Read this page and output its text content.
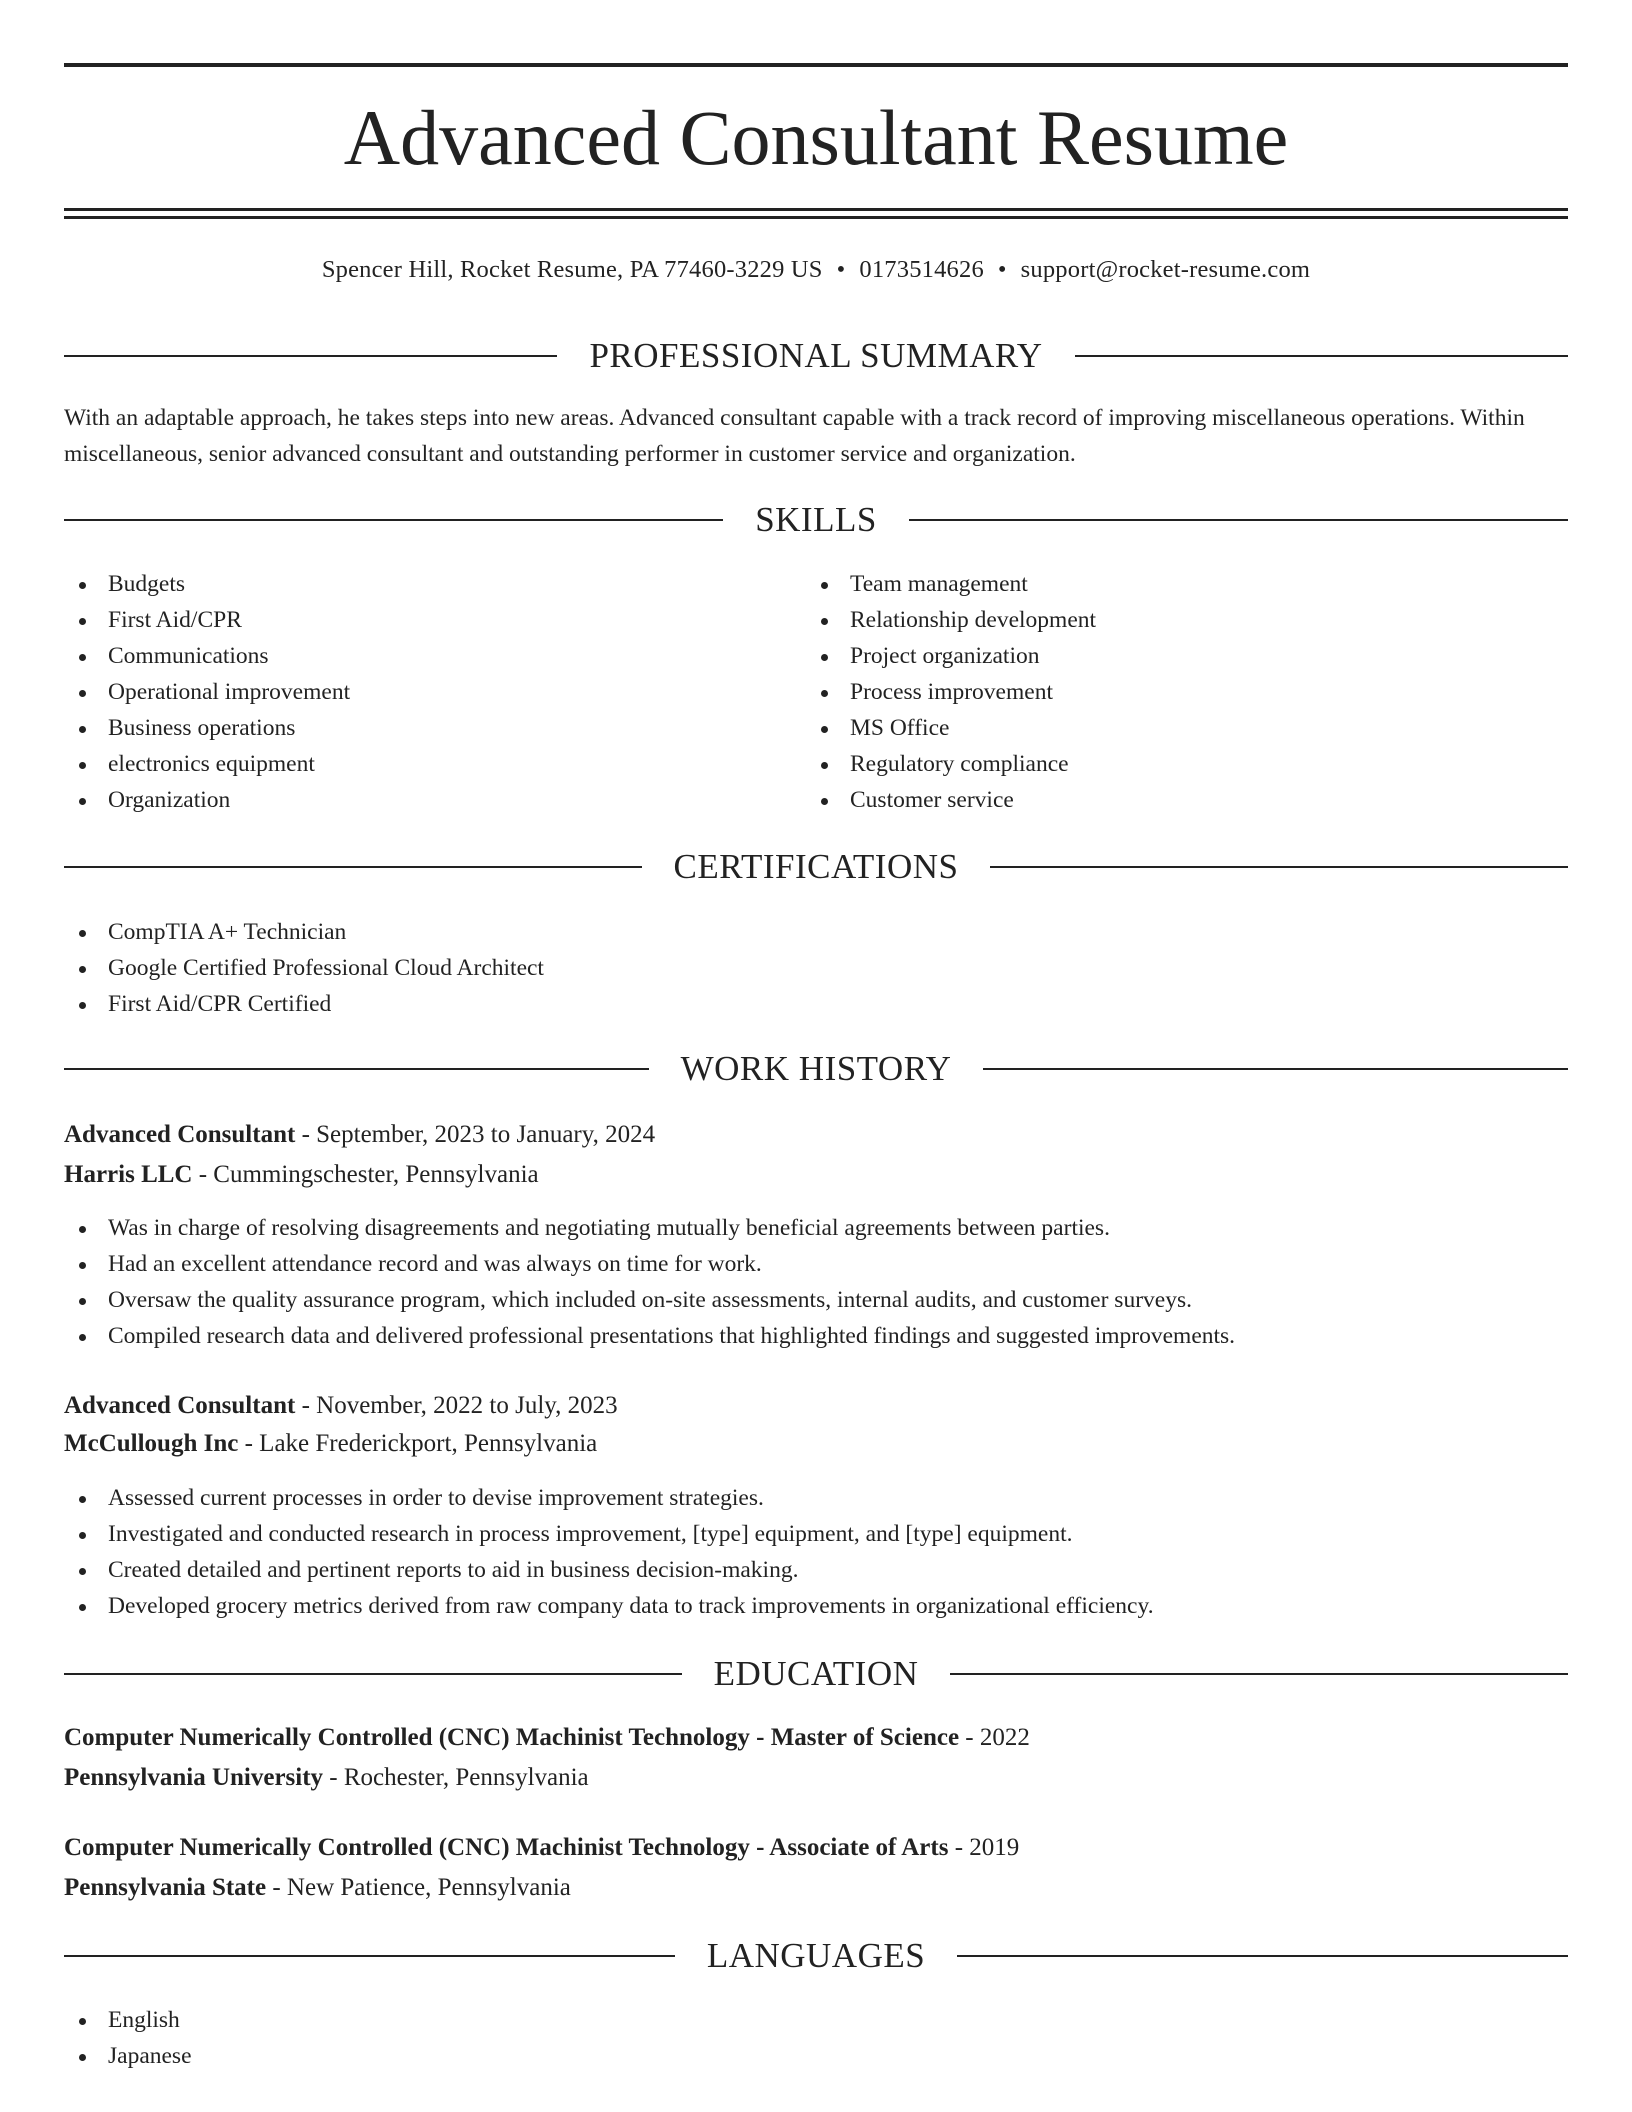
Advanced Consultant Resume
Spencer Hill, Rocket Resume, PA 77460-3229 US • 0173514626 • support@rocket-resume.com
PROFESSIONAL SUMMARY

With an adaptable approach, he takes steps into new areas. Advanced consultant capable with a track record of improving miscellaneous operations. Within miscellaneous, senior advanced consultant and outstanding performer in customer service and organization.

SKILLS
Budgets
First Aid/CPR
Communications
Operational improvement
Business operations
electronics equipment
Organization
Team management
Relationship development
Project organization
Process improvement
MS Office
Regulatory compliance
Customer service
CERTIFICATIONS
CompTIA A+ Technician
Google Certified Professional Cloud Architect
First Aid/CPR Certified
WORK HISTORY
Advanced Consultant - September, 2023 to January, 2024
Harris LLC - Cummingschester, Pennsylvania
Was in charge of resolving disagreements and negotiating mutually beneficial agreements between parties.
Had an excellent attendance record and was always on time for work.
Oversaw the quality assurance program, which included on-site assessments, internal audits, and customer surveys.
Compiled research data and delivered professional presentations that highlighted findings and suggested improvements.
Advanced Consultant - November, 2022 to July, 2023
McCullough Inc - Lake Frederickport, Pennsylvania
Assessed current processes in order to devise improvement strategies.
Investigated and conducted research in process improvement, [type] equipment, and [type] equipment.
Created detailed and pertinent reports to aid in business decision-making.
Developed grocery metrics derived from raw company data to track improvements in organizational efficiency.
EDUCATION
Computer Numerically Controlled (CNC) Machinist Technology - Master of Science - 2022
Pennsylvania University - Rochester, Pennsylvania
Computer Numerically Controlled (CNC) Machinist Technology - Associate of Arts - 2019
Pennsylvania State - New Patience, Pennsylvania
LANGUAGES
English
Japanese
